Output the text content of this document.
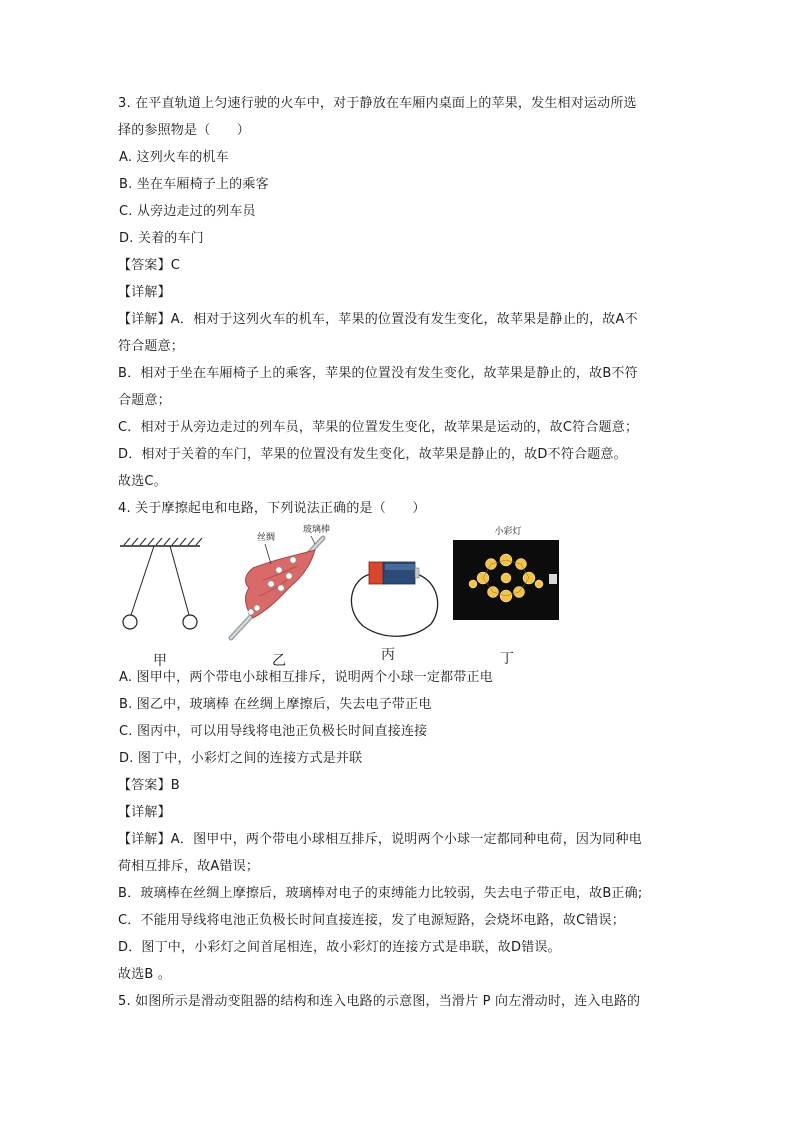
3. 在平直轨道上匀速行驶的火车中，对于静放在车厢内桌面上的苹果，发生相对运动所选
择的参照物是（　　）
A. 这列火车的机车
B. 坐在车厢椅子上的乘客
C. 从旁边走过的列车员
D. 关着的车门
【答案】C
【详解】
【详解】A．相对于这列火车的机车，苹果的位置没有发生变化，故苹果是静止的，故A不
符合题意；
B．相对于坐在车厢椅子上的乘客，苹果的位置没有发生变化，故苹果是静止的，故B不符
合题意；
C．相对于从旁边走过的列车员，苹果的位置发生变化，故苹果是运动的，故C符合题意；
D．相对于关着的车门，苹果的位置没有发生变化，故苹果是静止的，故D不符合题意。
故选C。
4. 关于摩擦起电和电路，下列说法正确的是（　　）
甲
丝绸
玻璃棒
乙	丙
小彩灯
丁
A. 图甲中，两个带电小球相互排斥，说明两个小球一定都带正电
B. 图乙中，玻璃棒 在丝绸上摩擦后，失去电子带正电
C. 图丙中，可以用导线将电池正负极长时间直接连接
D. 图丁中，小彩灯之间的连接方式是并联
【答案】B
【详解】
【详解】A．图甲中，两个带电小球相互排斥，说明两个小球一定都同种电荷，因为同种电
荷相互排斥，故A错误；
B．玻璃棒在丝绸上摩擦后，玻璃棒对电子的束缚能力比较弱，失去电子带正电，故B正确;
C．不能用导线将电池正负极长时间直接连接，发了电源短路，会烧坏电路，故C错误；
D．图丁中，小彩灯之间首尾相连，故小彩灯的连接方式是串联，故D错误。
故选B 。
5. 如图所示是滑动变阻器的结构和连入电路的示意图，当滑片 P 向左滑动时，连入电路的
